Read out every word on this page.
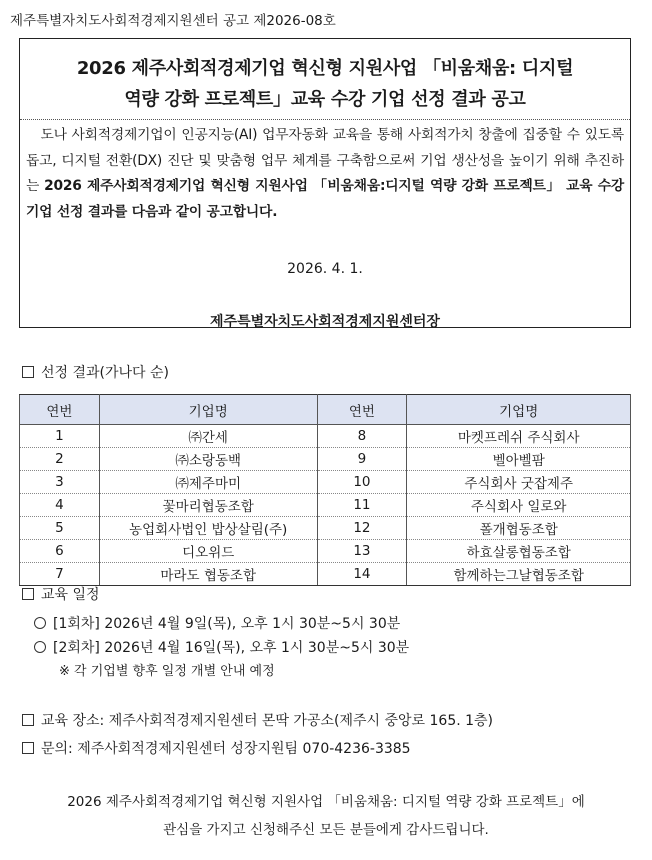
제주특별자치도사회적경제지원센터 공고 제2026-08호
2026 제주사회적경제기업 혁신형 지원사업 「비움채움: 디지털
역량 강화 프로젝트」교육 수강 기업 선정 결과 공고
도나 사회적경제기업이 인공지능(AI) 업무자동화 교육을 통해 사회적가치 창출에 집중할 수 있도록 돕고, 디지털 전환(DX) 진단 및 맞춤형 업무 체계를 구축함으로써 기업 생산성을 높이기 위해 추진하는 2026 제주사회적경제기업 혁신형 지원사업 「비움채움:디지털 역량 강화 프로젝트」 교육 수강 기업 선정 결과를 다음과 같이 공고합니다.
2026. 4. 1.
제주특별자치도사회적경제지원센터장
선정 결과(가나다 순)
연번	기업명	연번	기업명
1	㈜간세	8	마켓프레쉬 주식회사
2	㈜소랑동백	9	벨아벨팜
3	㈜제주마미	10	주식회사 굿잡제주
4	꽃마리협동조합	11	주식회사 일로와
5	농업회사법인 밥상살림(주)	12	폴개협동조합
6	디오위드	13	하효살롱협동조합
7	마라도 협동조합	14	함께하는그날협동조합
교육 일정
[1회차] 2026년 4월 9일(목), 오후 1시 30분~5시 30분
[2회차] 2026년 4월 16일(목), 오후 1시 30분~5시 30분
※ 각 기업별 향후 일정 개별 안내 예정
교육 장소: 제주사회적경제지원센터 몬딱 가공소(제주시 중앙로 165. 1층)
문의: 제주사회적경제지원센터 성장지원팀 070-4236-3385
2026 제주사회적경제기업 혁신형 지원사업 「비움채움: 디지털 역량 강화 프로젝트」에
관심을 가지고 신청해주신 모든 분들에게 감사드립니다.
